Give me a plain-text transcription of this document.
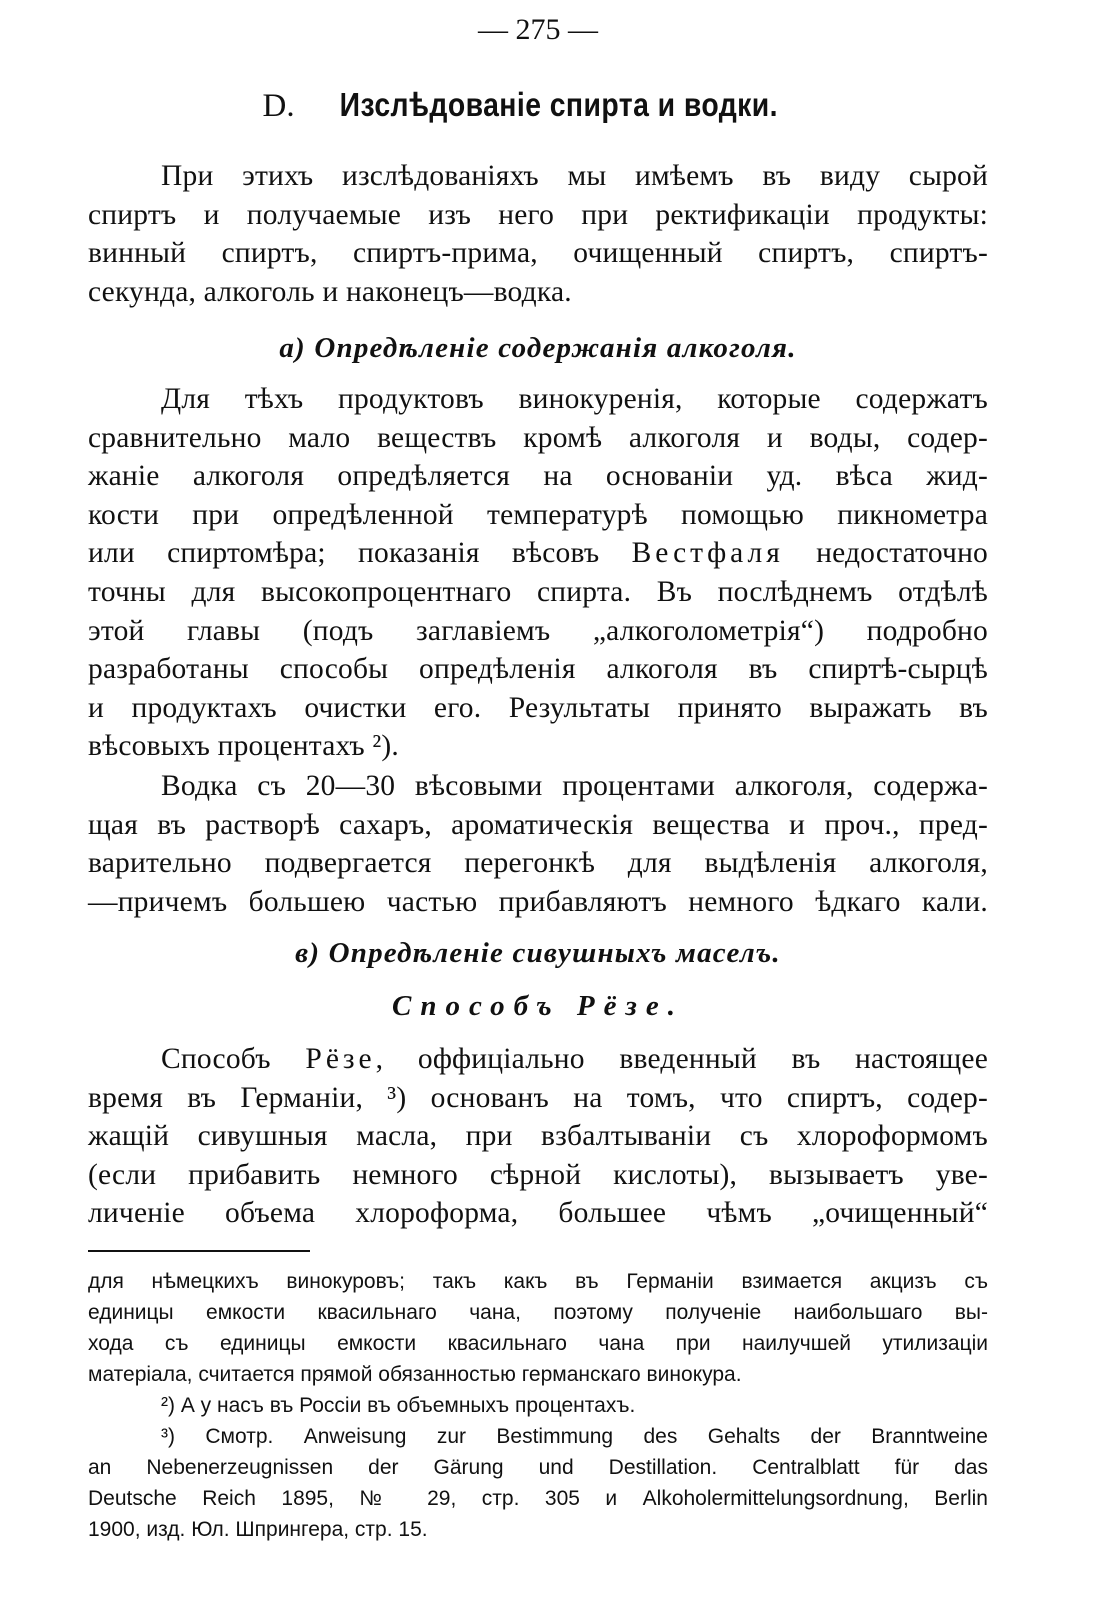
— 275 —
D. Изслѣдованіе спирта и водки.
При этихъ изслѣдованіяхъ мы имѣемъ въ виду сырой
спиртъ и получаемые изъ него при ректификаціи продукты:
винный спиртъ, спиртъ-прима, очищенный спиртъ, спиртъ-
секунда, алкоголь и наконецъ—водка.
а) Опредѣленіе содержанія алкоголя.
Для тѣхъ продуктовъ винокуренія, которые содержатъ
сравнительно мало веществъ кромѣ алкоголя и воды, содер-
жаніе алкоголя опредѣляется на основаніи уд. вѣса жид-
кости при опредѣленной температурѣ помощью пикнометра
или спиртомѣра; показанія вѣсовъ Вестфаля недостаточно
точны для высокопроцентнаго спирта. Въ послѣднемъ отдѣлѣ
этой главы (подъ заглавіемъ „алкоголометрія“) подробно
разработаны способы опредѣленія алкоголя въ спиртѣ-сырцѣ
и продуктахъ очистки его. Результаты принято выражать въ
вѣсовыхъ процентахъ ²).
Водка съ 20—30 вѣсовыми процентами алкоголя, содержа-
щая въ растворѣ сахаръ, ароматическія вещества и проч., пред-
варительно подвергается перегонкѣ для выдѣленія алкоголя,
—причемъ большею частью прибавляютъ немного ѣдкаго кали.
в) Опредѣленіе сивушныхъ маселъ.
Способъ Рёзе.
Способъ Рёзе, оффиціально введенный въ настоящее
время въ Германіи, ³) основанъ на томъ, что спиртъ, содер-
жащій сивушныя масла, при взбалтываніи съ хлороформомъ
(если прибавить немного сѣрной кислоты), вызываетъ уве-
личеніе объема хлороформа, большее чѣмъ „очищенный“
для нѣмецкихъ винокуровъ; такъ какъ въ Германіи взимается акцизъ съ
единицы емкости квасильнаго чана, поэтому полученіе наибольшаго вы-
хода съ единицы емкости квасильнаго чана при наилучшей утилизаціи
матеріала, считается прямой обязанностью германскаго винокура.
²) А у насъ въ Россіи въ объемныхъ процентахъ.
³) Смотр. Anweisung zur Bestimmung des Gehalts der Branntweine
an Nebenerzeugnissen der Gärung und Destillation. Centralblatt für das
Deutsche Reich 1895, № 29, стр. 305 и Alkoholermittelungsordnung, Berlin
1900, изд. Юл. Шпрингера, стр. 15.
